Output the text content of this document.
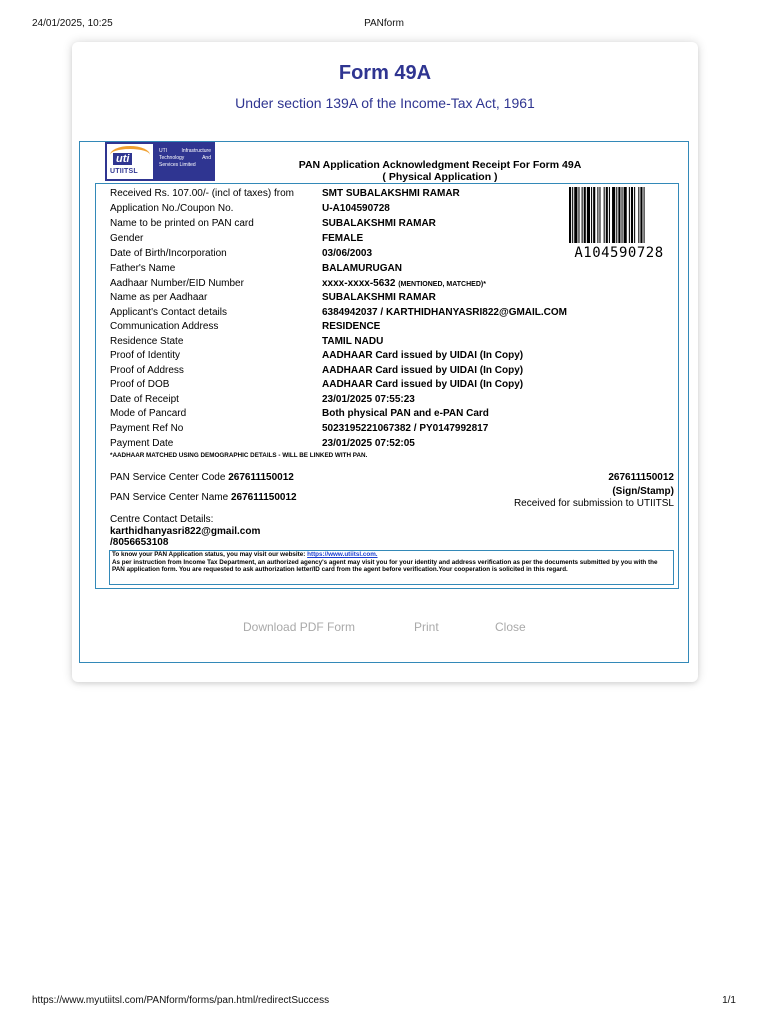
24/01/2025, 10:25	PANform
Form 49A
Under section 139A of the Income-Tax Act, 1961
uti
UTIITSL
UTI Infrastructure Technology And Services Limited	PAN Application Acknowledgment Receipt For Form 49A
( Physical Application )
Received Rs. 107.00/- (incl of taxes) from	SMT SUBALAKSHMI RAMAR
Application No./Coupon No.	U-A104590728
Name to be printed on PAN card	SUBALAKSHMI RAMAR
Gender	FEMALE
Date of Birth/Incorporation	03/06/2003
Father's Name	BALAMURUGAN
Aadhaar Number/EID Number	xxxx-xxxx-5632 (MENTIONED, MATCHED)*
Name as per Aadhaar	SUBALAKSHMI RAMAR
Applicant's Contact details	6384942037 / KARTHIDHANYASRI822@GMAIL.COM
Communication Address	RESIDENCE
Residence State	TAMIL NADU
Proof of Identity	AADHAAR Card issued by UIDAI (In Copy)
Proof of Address	AADHAAR Card issued by UIDAI (In Copy)
Proof of DOB	AADHAAR Card issued by UIDAI (In Copy)
Date of Receipt	23/01/2025 07:55:23
Mode of Pancard	Both physical PAN and e-PAN Card
Payment Ref No	5023195221067382 / PY0147992817
Payment Date	23/01/2025 07:52:05
A104590728
*AADHAAR MATCHED USING DEMOGRAPHIC DETAILS - WILL BE LINKED WITH PAN.
PAN Service Center Code 267611150012
PAN Service Center Name 267611150012
267611150012
(Sign/Stamp)
Received for submission to UTIITSL
Centre Contact Details:
karthidhanyasri822@gmail.com
/8056653108
To know your PAN Application status, you may visit our website: https://www.utiitsl.com.
As per instruction from Income Tax Department, an authorized agency's agent may visit you for your identity and address verification as per the documents submitted by you with the PAN application form. You are requested to ask authorization letter/ID card from the agent before verification.Your cooperation is solicited in this regard.
Download PDF Form	Print	Close
https://www.myutiitsl.com/PANform/forms/pan.html/redirectSuccess	1/1
